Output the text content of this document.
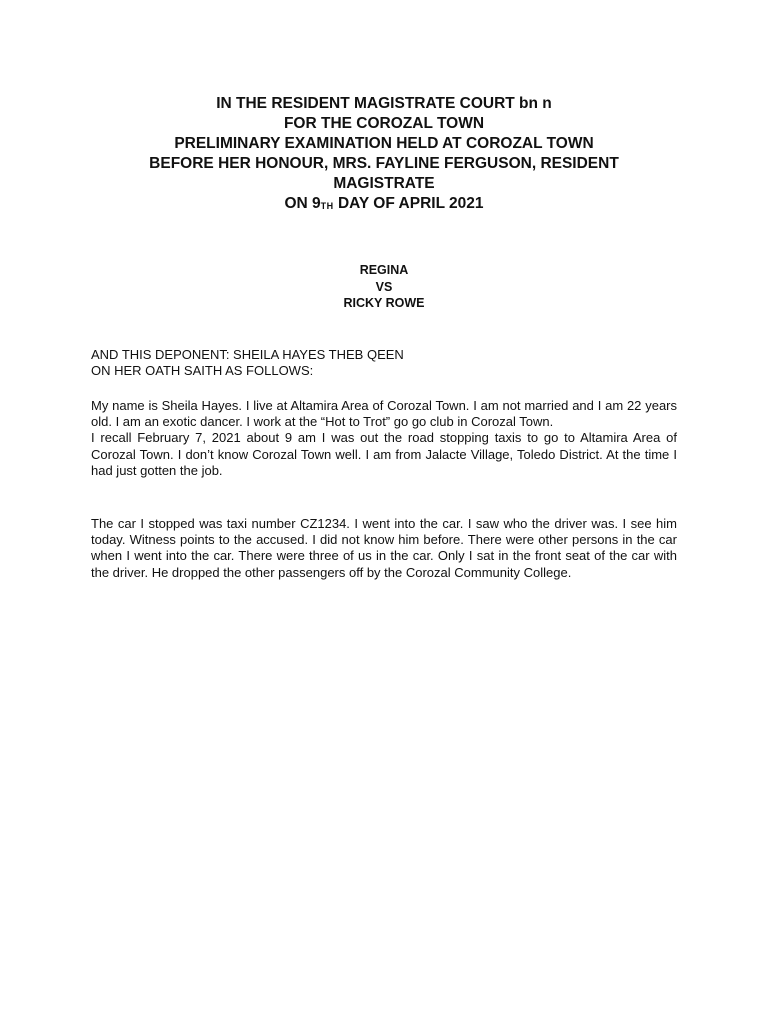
IN THE RESIDENT MAGISTRATE COURT bn n
FOR THE COROZAL TOWN
PRELIMINARY EXAMINATION HELD AT COROZAL TOWN
BEFORE HER HONOUR, MRS. FAYLINE FERGUSON, RESIDENT
MAGISTRATE
ON 9TH DAY OF APRIL 2021
REGINA
VS
RICKY ROWE
AND THIS DEPONENT: SHEILA HAYES THEB QEEN
ON HER OATH SAITH AS FOLLOWS:

My name is Sheila Hayes. I live at Altamira Area of Corozal Town. I am not married and I am 22 years old. I am an exotic dancer. I work at the “Hot to Trot” go go club in Corozal Town.

I recall February 7, 2021 about 9 am I was out the road stopping taxis to go to Altamira Area of Corozal Town. I don’t know Corozal Town well. I am from Jalacte Village, Toledo District. At the time I had just gotten the job.

The car I stopped was taxi number CZ1234. I went into the car. I saw who the driver was. I see him today. Witness points to the accused. I did not know him before. There were other persons in the car when I went into the car. There were three of us in the car. Only I sat in the front seat of the car with the driver. He dropped the other passengers off by the Corozal Community College.
